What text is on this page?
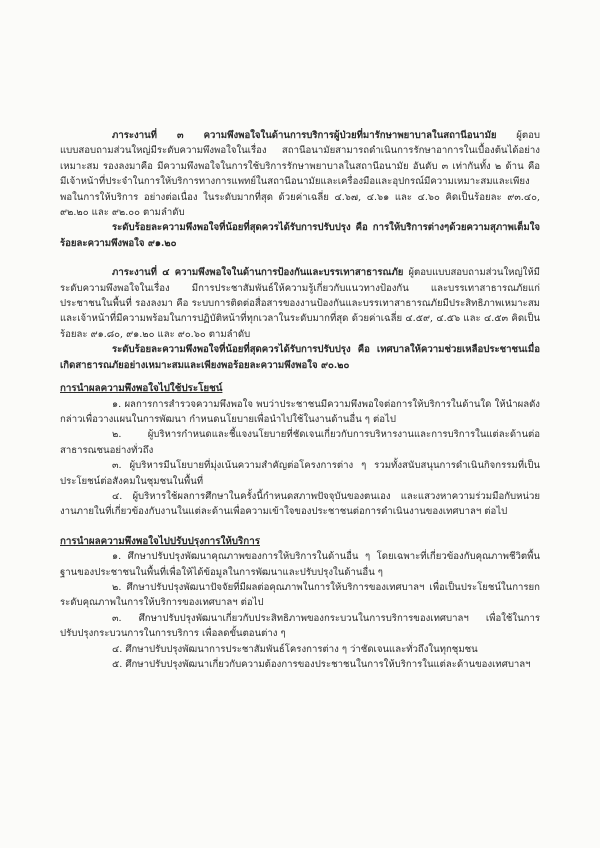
ภาระงานที่ ๓ ความพึงพอใจในด้านการบริการผู้ป่วยที่มารักษาพยาบาลในสถานีอนามัย ผู้ตอบแบบสอบถามส่วนใหญ่มีระดับความพึงพอใจในเรื่อง สถานีอนามัยสามารถดำเนินการรักษาอาการในเบื้องต้นได้อย่างเหมาะสม รองลงมาคือ มีความพึงพอใจในการใช้บริการรักษาพยาบาลในสถานีอนามัย อันดับ ๓ เท่ากันทั้ง ๒ ด้าน คือ มีเจ้าหน้าที่ประจำในการให้บริการทางการแพทย์ในสถานีอนามัยและเครื่องมือและอุปกรณ์มีความเหมาะสมและเพียงพอในการให้บริการ อย่างต่อเนื่อง ในระดับมากที่สุด ด้วยค่าเฉลี่ย ๔.๖๗, ๔.๖๑ และ ๔.๖๐ คิดเป็นร้อยละ ๙๓.๔๐, ๙๒.๒๐ และ ๙๒.๐๐ ตามลำดับ

ระดับร้อยละความพึงพอใจที่น้อยที่สุดควรได้รับการปรับปรุง คือ การให้บริการต่างๆด้วยความสุภาพเต็มใจ ร้อยละความพึงพอใจ ๙๑.๒๐

ภาระงานที่ ๔ ความพึงพอใจในด้านการป้องกันและบรรเทาสาธารณภัย ผู้ตอบแบบสอบถามส่วนใหญ่ให้มีระดับความพึงพอใจในเรื่อง มีการประชาสัมพันธ์ให้ความรู้เกี่ยวกับแนวทางป้องกัน และบรรเทาสาธารณภัยแก่ประชาชนในพื้นที่ รองลงมา คือ ระบบการติดต่อสื่อสารของงานป้องกันและบรรเทาสาธารณภัยมีประสิทธิภาพเหมาะสม และเจ้าหน้าที่มีความพร้อมในการปฏิบัติหน้าที่ทุกเวลาในระดับมากที่สุด ด้วยค่าเฉลี่ย ๔.๕๙, ๔.๕๖ และ ๔.๕๓ คิดเป็นร้อยละ ๙๑.๘๐, ๙๑.๒๐ และ ๙๐.๖๐ ตามลำดับ

ระดับร้อยละความพึงพอใจที่น้อยที่สุดควรได้รับการปรับปรุง คือ เทศบาลให้ความช่วยเหลือประชาชนเมื่อเกิดสาธารณภัยอย่างเหมาะสมและเพียงพอร้อยละความพึงพอใจ ๙๐.๒๐

การนำผลความพึงพอใจไปใช้ประโยชน์

๑. ผลการการสำรวจความพึงพอใจ พบว่าประชาชนมีความพึงพอใจต่อการให้บริการในด้านใด ให้นำผลดังกล่าวเพื่อวางแผนในการพัฒนา กำหนดนโยบายเพื่อนำไปใช้ในงานด้านอื่น ๆ ต่อไป

๒. ผู้บริหารกำหนดและชี้แจงนโยบายที่ชัดเจนเกี่ยวกับการบริหารงานและการบริการในแต่ละด้านต่อสาธารณชนอย่างทั่วถึง

๓. ผู้บริหารมีนโยบายที่มุ่งเน้นความสำคัญต่อโครงการต่าง ๆ รวมทั้งสนับสนุนการดำเนินกิจกรรมที่เป็นประโยชน์ต่อสังคมในชุมชนในพื้นที่

๔. ผู้บริหารใช้ผลการศึกษาในครั้งนี้กำหนดสภาพปัจจุบันของตนเอง และแสวงหาความร่วมมือกับหน่วยงานภายในที่เกี่ยวข้องกับงานในแต่ละด้านเพื่อความเข้าใจของประชาชนต่อการดำเนินงานของเทศบาลฯ ต่อไป

การนำผลความพึงพอใจไปปรับปรุงการให้บริการ

๑. ศึกษาปรับปรุงพัฒนาคุณภาพของการให้บริการในด้านอื่น ๆ โดยเฉพาะที่เกี่ยวข้องกับคุณภาพชีวิตพื้นฐานของประชาชนในพื้นที่เพื่อให้ได้ข้อมูลในการพัฒนาและปรับปรุงในด้านอื่น ๆ

๒. ศึกษาปรับปรุงพัฒนาปัจจัยที่มีผลต่อคุณภาพในการให้บริการของเทศบาลฯ เพื่อเป็นประโยชน์ในการยกระดับคุณภาพในการให้บริการของเทศบาลฯ ต่อไป

๓. ศึกษาปรับปรุงพัฒนาเกี่ยวกับประสิทธิภาพของกระบวนในการบริการของเทศบาลฯ เพื่อใช้ในการปรับปรุงกระบวนการในการบริการ เพื่อลดขั้นตอนต่าง ๆ

๔. ศึกษาปรับปรุงพัฒนาการประชาสัมพันธ์โครงการต่าง ๆ ว่าชัดเจนและทั่วถึงในทุกชุมชน

๕. ศึกษาปรับปรุงพัฒนาเกี่ยวกับความต้องการของประชาชนในการให้บริการในแต่ละด้านของเทศบาลฯ
